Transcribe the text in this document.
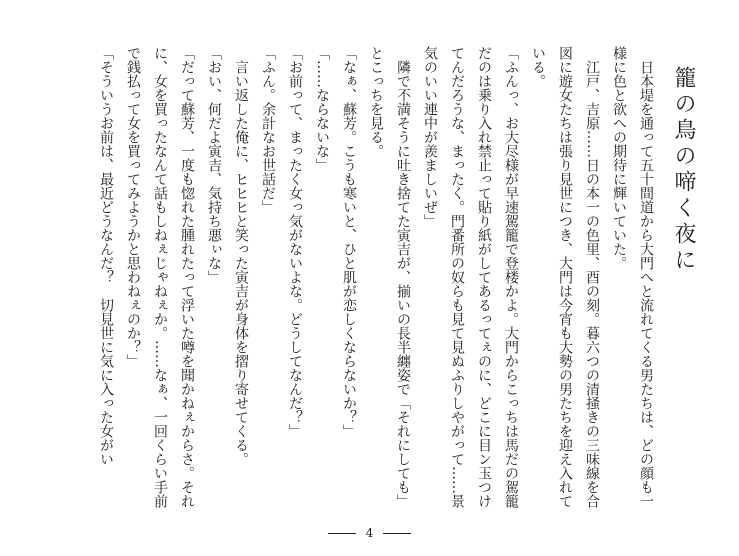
籠の鳥の啼く夜に

日本堤を通って五十間道から大門へと流れてくる男たちは、どの顔も一様に色と欲への期待に輝いていた。

江戸、吉原……日の本一の色里、酉の刻。暮六つの清掻きの三味線を合図に遊女たちは張り見世につき、大門は今宵も大勢の男たちを迎え入れている。

「ふんっ、お大尽様が早速駕籠で登楼かよ。大門からこっちは馬だの駕籠だのは乗り入れ禁止って貼り紙がしてあるってぇのに、どこに目ン玉つけてんだろうな、まったく。門番所の奴らも見て見ぬふりしやがって……景気のいい連中が羨ましいぜ」

隣で不満そうに吐き捨てた寅吉が、揃いの長半纏姿で「それにしても」とこっちを見る。

「なぁ、蘇芳。こうも寒いと、ひと肌が恋しくならないか？」

「……ならないな」

「お前って、まったく女っ気がないよな。どうしてなんだ？」

「ふん。余計なお世話だ」

言い返した俺に、ヒヒヒと笑った寅吉が身体を摺り寄せてくる。

「おい、何だよ寅吉、気持ち悪ぃな」

「だって蘇芳、一度も惚れた腫れたって浮いた噂を聞かねぇからさ。それに、女を買ったなんて話もしねぇじゃねぇか。……なぁ、一回くらい手前で銭払って女を買ってみようかと思わねぇのか？」

「そういうお前は、最近どうなんだ？　切見世に気に入った女がい

4
